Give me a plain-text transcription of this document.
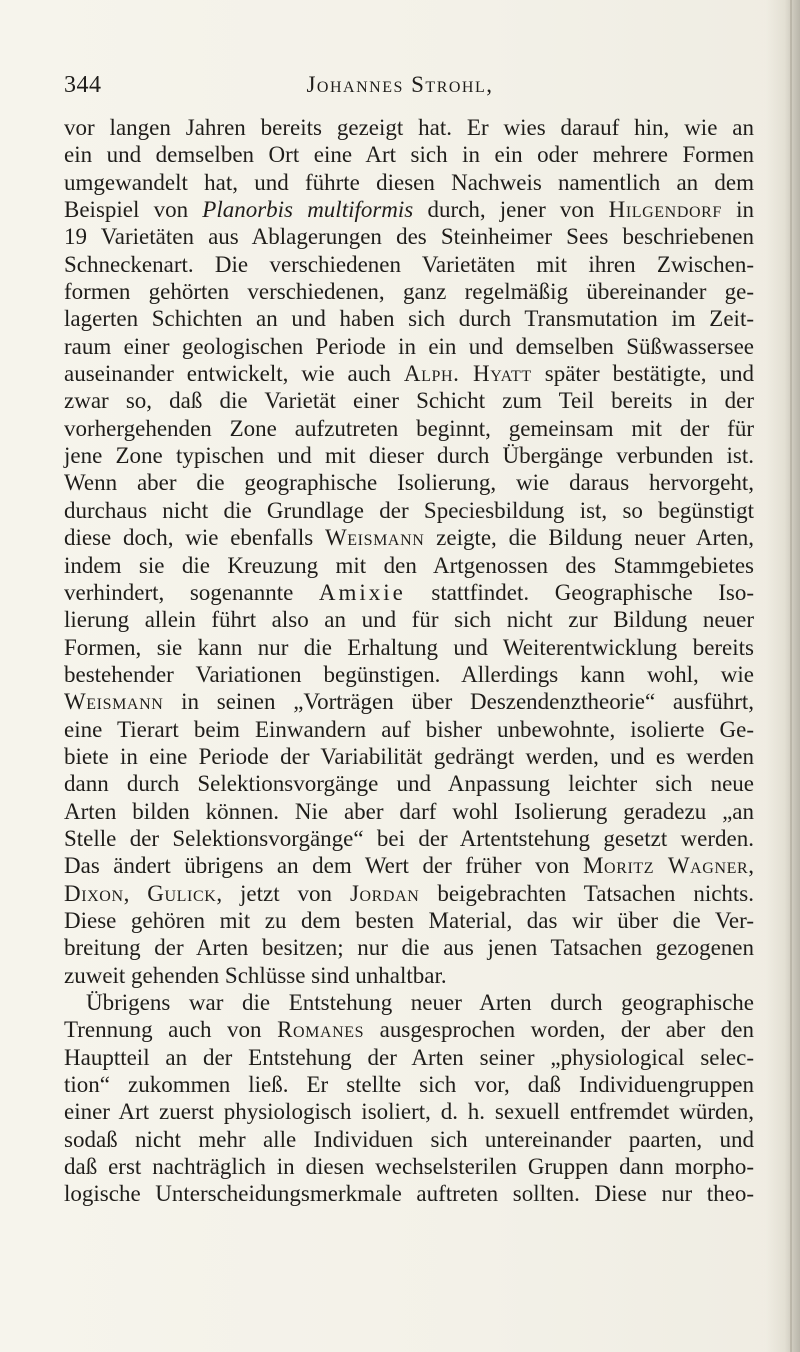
344	Johannes Strohl,
vor langen Jahren bereits gezeigt hat. Er wies darauf hin, wie an
ein und demselben Ort eine Art sich in ein oder mehrere Formen
umgewandelt hat, und führte diesen Nachweis namentlich an dem
Beispiel von Planorbis multiformis durch, jener von Hilgendorf in
19 Varietäten aus Ablagerungen des Steinheimer Sees beschriebenen
Schneckenart. Die verschiedenen Varietäten mit ihren Zwischen-
formen gehörten verschiedenen, ganz regelmäßig übereinander ge-
lagerten Schichten an und haben sich durch Transmutation im Zeit-
raum einer geologischen Periode in ein und demselben Süßwassersee
auseinander entwickelt, wie auch Alph. Hyatt später bestätigte, und
zwar so, daß die Varietät einer Schicht zum Teil bereits in der
vorhergehenden Zone aufzutreten beginnt, gemeinsam mit der für
jene Zone typischen und mit dieser durch Übergänge verbunden ist.
Wenn aber die geographische Isolierung, wie daraus hervorgeht,
durchaus nicht die Grundlage der Speciesbildung ist, so begünstigt
diese doch, wie ebenfalls Weismann zeigte, die Bildung neuer Arten,
indem sie die Kreuzung mit den Artgenossen des Stammgebietes
verhindert, sogenannte Amixie stattfindet. Geographische Iso-
lierung allein führt also an und für sich nicht zur Bildung neuer
Formen, sie kann nur die Erhaltung und Weiterentwicklung bereits
bestehender Variationen begünstigen. Allerdings kann wohl, wie
Weismann in seinen „Vorträgen über Deszendenztheorie“ ausführt,
eine Tierart beim Einwandern auf bisher unbewohnte, isolierte Ge-
biete in eine Periode der Variabilität gedrängt werden, und es werden
dann durch Selektionsvorgänge und Anpassung leichter sich neue
Arten bilden können. Nie aber darf wohl Isolierung geradezu „an
Stelle der Selektionsvorgänge“ bei der Artentstehung gesetzt werden.
Das ändert übrigens an dem Wert der früher von Moritz Wagner,
Dixon, Gulick, jetzt von Jordan beigebrachten Tatsachen nichts.
Diese gehören mit zu dem besten Material, das wir über die Ver-
breitung der Arten besitzen; nur die aus jenen Tatsachen gezogenen
zuweit gehenden Schlüsse sind unhaltbar.
Übrigens war die Entstehung neuer Arten durch geographische
Trennung auch von Romanes ausgesprochen worden, der aber den
Hauptteil an der Entstehung der Arten seiner „physiological selec-
tion“ zukommen ließ. Er stellte sich vor, daß Individuengruppen
einer Art zuerst physiologisch isoliert, d. h. sexuell entfremdet würden,
sodaß nicht mehr alle Individuen sich untereinander paarten, und
daß erst nachträglich in diesen wechselsterilen Gruppen dann morpho-
logische Unterscheidungsmerkmale auftreten sollten. Diese nur theo-
